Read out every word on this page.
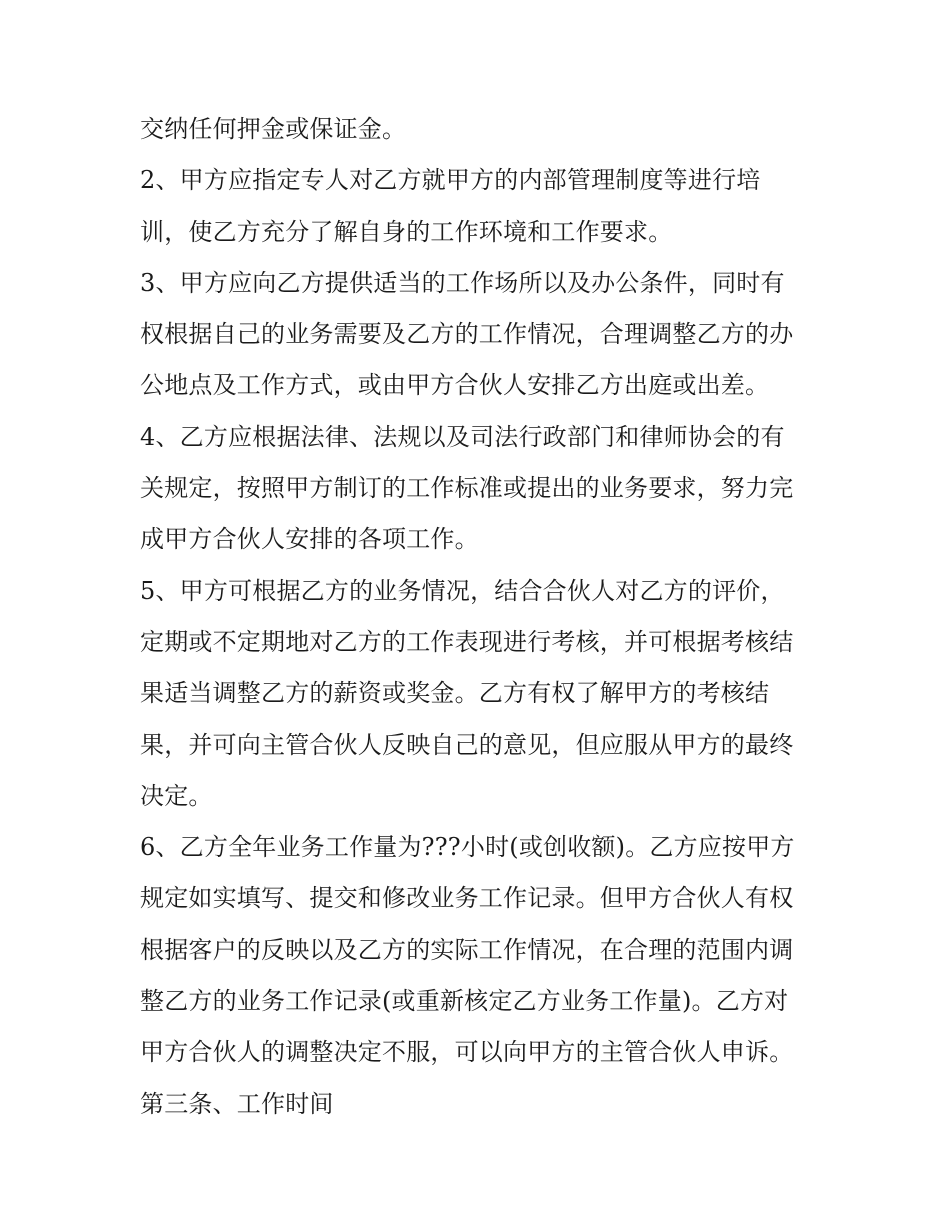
交纳任何押金或保证金。
2、甲方应指定专人对乙方就甲方的内部管理制度等进行培
训，使乙方充分了解自身的工作环境和工作要求。
3、甲方应向乙方提供适当的工作场所以及办公条件，同时有
权根据自己的业务需要及乙方的工作情况，合理调整乙方的办
公地点及工作方式，或由甲方合伙人安排乙方出庭或出差。
4、乙方应根据法律、法规以及司法行政部门和律师协会的有
关规定，按照甲方制订的工作标准或提出的业务要求，努力完
成甲方合伙人安排的各项工作。
5、甲方可根据乙方的业务情况，结合合伙人对乙方的评价，
定期或不定期地对乙方的工作表现进行考核，并可根据考核结
果适当调整乙方的薪资或奖金。乙方有权了解甲方的考核结
果，并可向主管合伙人反映自己的意见，但应服从甲方的最终
决定。
6、乙方全年业务工作量为???小时(或创收额)。乙方应按甲方
规定如实填写、提交和修改业务工作记录。但甲方合伙人有权
根据客户的反映以及乙方的实际工作情况，在合理的范围内调
整乙方的业务工作记录(或重新核定乙方业务工作量)。乙方对
甲方合伙人的调整决定不服，可以向甲方的主管合伙人申诉。
第三条、工作时间
